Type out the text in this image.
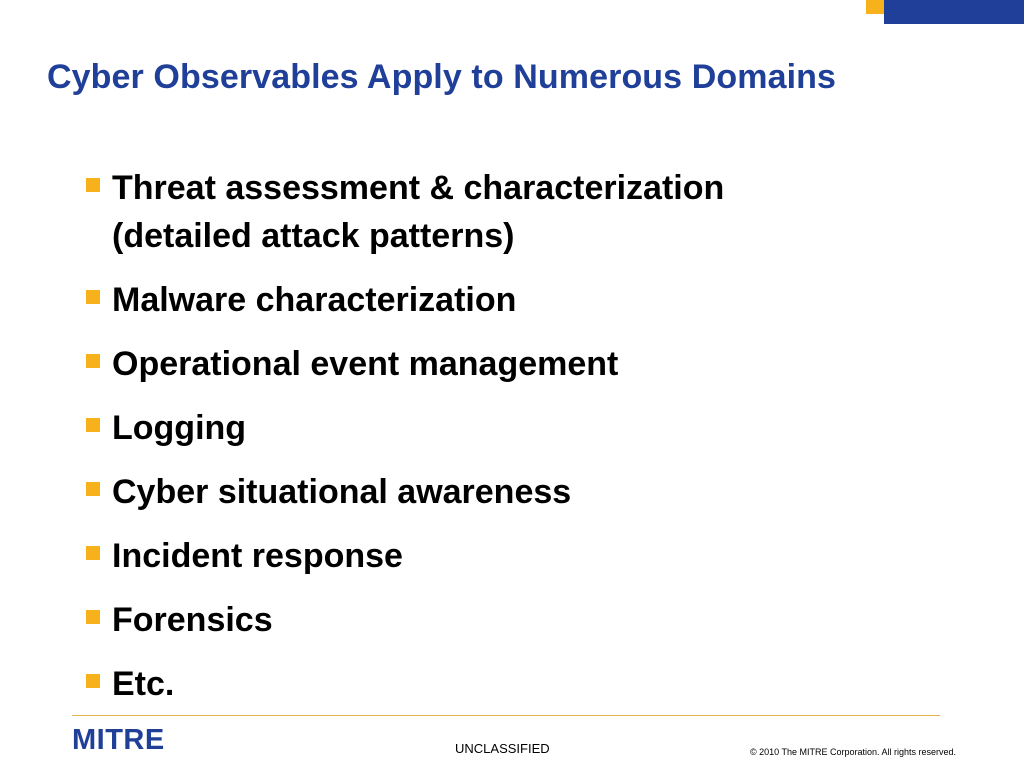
Cyber Observables Apply to Numerous Domains
Threat assessment & characterization (detailed attack patterns)
Malware characterization
Operational event management
Logging
Cyber situational awareness
Incident response
Forensics
Etc.
MITRE	UNCLASSIFIED	© 2010 The MITRE Corporation. All rights reserved.
